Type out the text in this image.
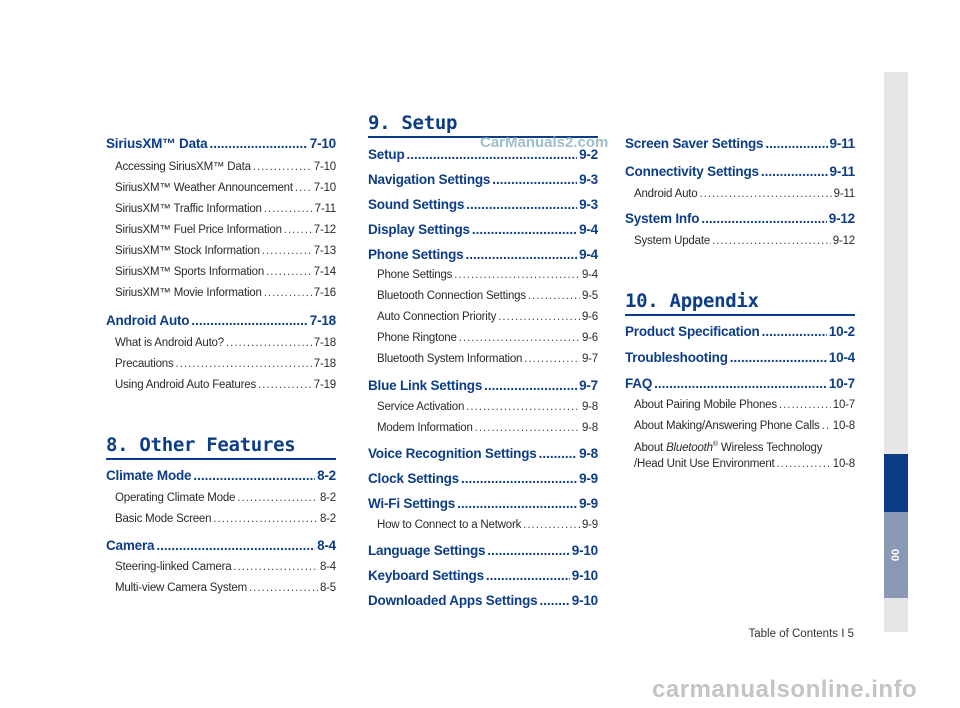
SiriusXM™ Data .....	7-10
Accessing SiriusXM™ Data .....	7-10
SiriusXM™ Weather Announcement ..... 7-10
SiriusXM™ Traffic Information .....	7-11
SiriusXM™ Fuel Price Information .....	7-12
SiriusXM™ Stock Information .....	7-13
SiriusXM™ Sports Information .....	7-14
SiriusXM™ Movie Information .....	7-16
Android Auto .....	7-18
What is Android Auto? .....	7-18
Precautions .....	7-18
Using Android Auto Features .....	7-19
8. Other Features
Climate Mode .....	8-2
Operating Climate Mode .....	8-2
Basic Mode Screen .....	8-2
Camera .....	8-4
Steering-linked Camera .....	8-4
Multi-view Camera System .....	8-5
9. Setup
Setup .....	9-2
Navigation Settings .....	9-3
Sound Settings .....	9-3
Display Settings .....	9-4
Phone Settings .....	9-4
Phone Settings .....	9-4
Bluetooth Connection Settings .....	9-5
Auto Connection Priority .....	9-6
Phone Ringtone .....	9-6
Bluetooth System Information .....	9-7
Blue Link Settings .....	9-7
Service Activation .....	9-8
Modem Information .....	9-8
Voice Recognition Settings .....	9-8
Clock Settings .....	9-9
Wi-Fi Settings .....	9-9
How to Connect to a Network .....	9-9
Language Settings .....	9-10
Keyboard Settings .....	9-10
Downloaded Apps Settings .....	9-10
Screen Saver Settings .....	9-11
Connectivity Settings .....	9-11
Android Auto .....	9-11
System Info .....	9-12
System Update .....	9-12
10. Appendix
Product Specification .....	10-2
Troubleshooting .....	10-4
FAQ .....	10-7
About Pairing Mobile Phones .....	10-7
About Making/Answering Phone Calls ..... 10-8
About Bluetooth® Wireless Technology
/Head Unit Use Environment .....	10-8
CarManuals2.com
carmanualsonline.info
00
Table of Contents I 5
